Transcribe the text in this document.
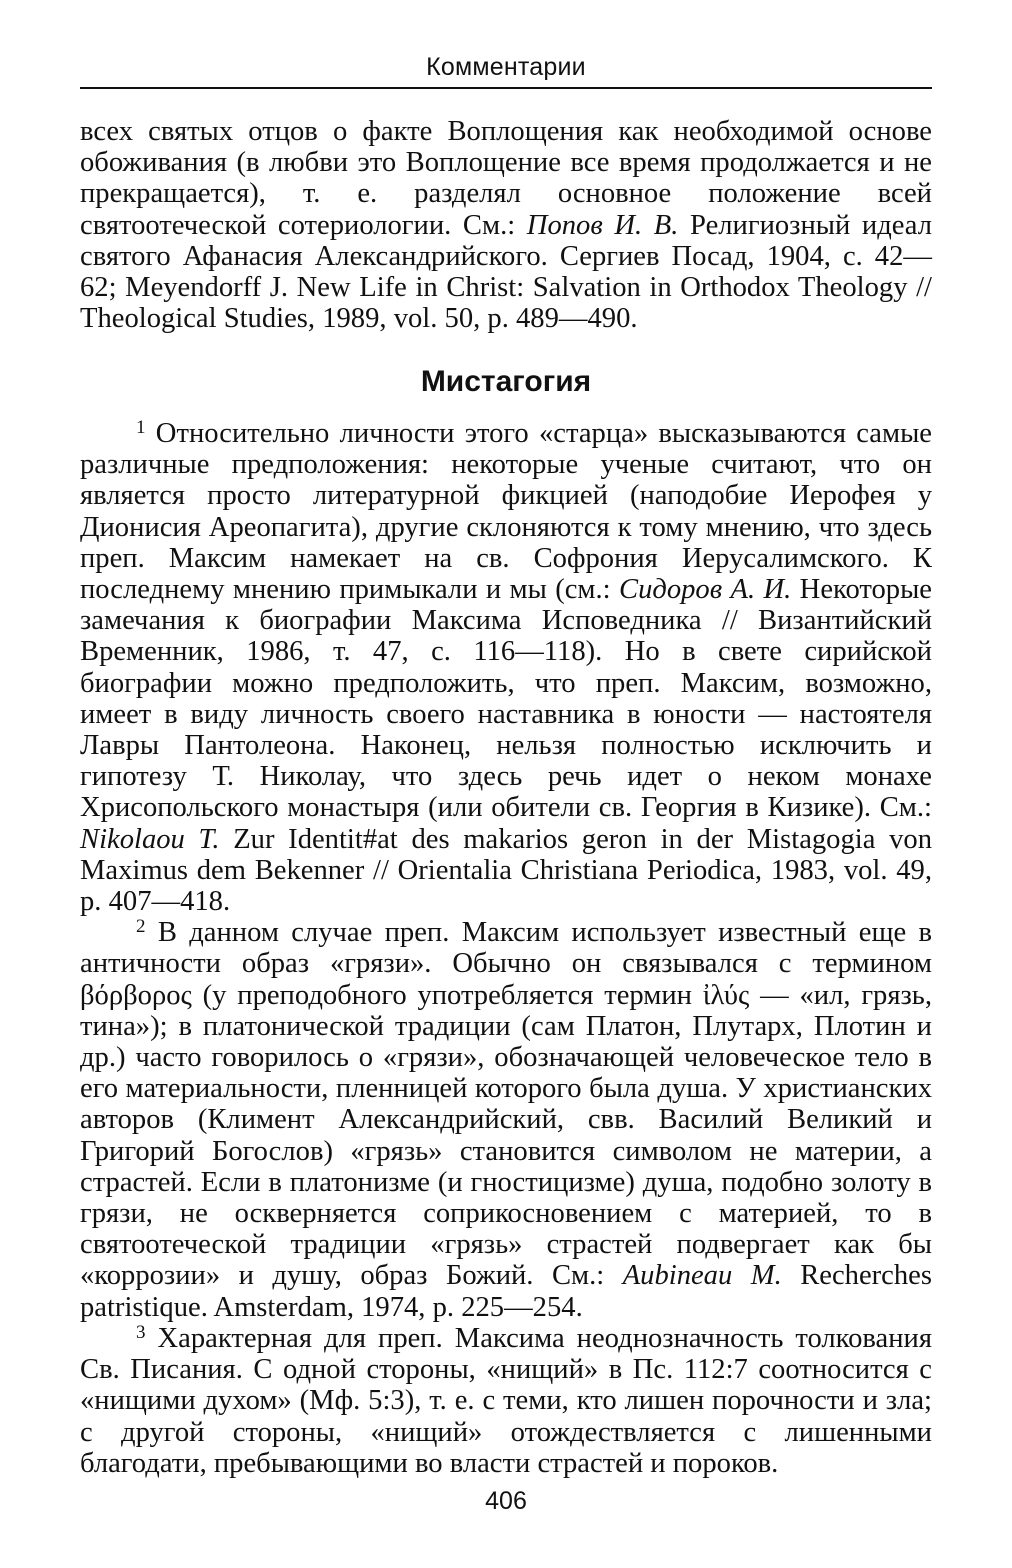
Комментарии

всех святых отцов о факте Воплощения как необходимой основе обоживания (в любви это Воплощение все время продолжается и не прекращается), т. е. разделял основное положение всей святоотеческой сотериологии. См.: Попов И. В. Религиозный идеал святого Афанасия Александрийского. Сергиев Посад, 1904, с. 42—62; Meyendorff J. New Life in Christ: Salvation in Orthodox Theology // Theological Studies, 1989, vol. 50, p. 489—490.

Мистагогия

$^1$ Относительно личности этого «старца» высказываются самые различные предположения: некоторые ученые считают, что он является просто литературной фикцией (наподобие Иерофея у Дионисия Ареопагита), другие склоняются к тому мнению, что здесь преп. Максим намекает на св. Софрония Иерусалимского. К последнему мнению примыкали и мы (см.: Сидоров А. И. Некоторые замечания к биографии Максима Исповедника // Византийский Временник, 1986, т. 47, с. 116—118). Но в свете сирийской биографии можно предположить, что преп. Максим, возможно, имеет в виду личность своего наставника в юности — настоятеля Лавры Пантолеона. Наконец, нельзя полностью исключить и гипотезу Т. Николау, что здесь речь идет о неком монахе Хрисопольского монастыря (или обители св. Георгия в Кизике). См.: Nikolaou T. Zur Identit#at des makarios geron in der Mistagogia von Maximus dem Bekenner // Orientalia Christiana Periodica, 1983, vol. 49, p. 407—418.

$^2$ В данном случае преп. Максим использует известный еще в античности образ «грязи». Обычно он связывался с термином βόρβορος (у преподобного употребляется термин ἰλύς — «ил, грязь, тина»); в платонической традиции (сам Платон, Плутарх, Плотин и др.) часто говорилось о «грязи», обозначающей человеческое тело в его материальности, пленницей которого была душа. У христианских авторов (Климент Александрийский, свв. Василий Великий и Григорий Богослов) «грязь» становится символом не материи, а страстей. Если в платонизме (и гностицизме) душа, подобно золоту в грязи, не оскверняется соприкосновением с материей, то в святоотеческой традиции «грязь» страстей подвергает как бы «коррозии» и душу, образ Божий. См.: Aubineau M. Recherches patristique. Amsterdam, 1974, p. 225—254.

$^3$ Характерная для преп. Максима неоднозначность толкования Св. Писания. С одной стороны, «нищий» в Пс. 112:7 соотносится с «нищими духом» (Мф. 5:3), т. е. с теми, кто лишен порочности и зла; с другой стороны, «нищий» отождествляется с лишенными благодати, пребывающими во власти страстей и пороков.

406
